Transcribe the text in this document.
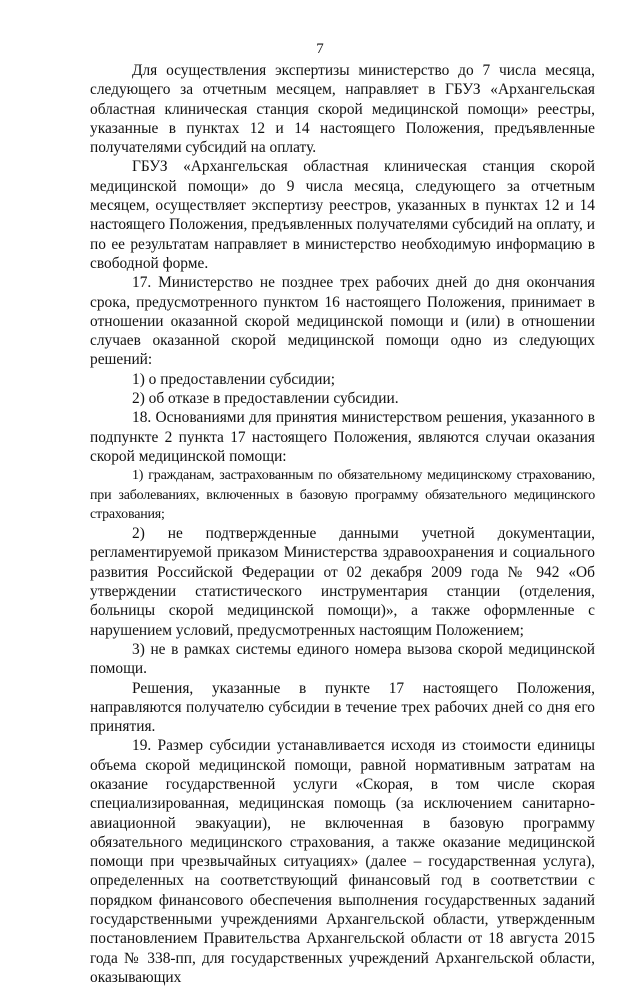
7

Для осуществления экспертизы министерство до 7 числа месяца, следующего за отчетным месяцем, направляет в ГБУЗ «Архангельская областная клиническая станция скорой медицинской помощи» реестры, указанные в пунктах 12 и 14 настоящего Положения, предъявленные получателями субсидий на оплату.

ГБУЗ «Архангельская областная клиническая станция скорой медицинской помощи» до 9 числа месяца, следующего за отчетным месяцем, осуществляет экспертизу реестров, указанных в пунктах 12 и 14 настоящего Положения, предъявленных получателями субсидий на оплату, и по ее результатам направляет в министерство необходимую информацию в свободной форме.

17. Министерство не позднее трех рабочих дней до дня окончания срока, предусмотренного пунктом 16 настоящего Положения, принимает в отношении оказанной скорой медицинской помощи и (или) в отношении случаев оказанной скорой медицинской помощи одно из следующих решений:

1) о предоставлении субсидии;

2) об отказе в предоставлении субсидии.

18. Основаниями для принятия министерством решения, указанного в подпункте 2 пункта 17 настоящего Положения, являются случаи оказания скорой медицинской помощи:

1) гражданам, застрахованным по обязательному медицинскому страхованию, при заболеваниях, включенных в базовую программу обязательного медицинского страхования;

2) не подтвержденные данными учетной документации, регламентируемой приказом Министерства здравоохранения и социального развития Российской Федерации от 02 декабря 2009 года № 942 «Об утверждении статистического инструментария станции (отделения, больницы скорой медицинской помощи)», а также оформленные с нарушением условий, предусмотренных настоящим Положением;

3) не в рамках системы единого номера вызова скорой медицинской помощи.

Решения, указанные в пункте 17 настоящего Положения, направляются получателю субсидии в течение трех рабочих дней со дня его принятия.

19. Размер субсидии устанавливается исходя из стоимости единицы объема скорой медицинской помощи, равной нормативным затратам на оказание государственной услуги «Скорая, в том числе скорая специализированная, медицинская помощь (за исключением санитарно-авиационной эвакуации), не включенная в базовую программу обязательного медицинского страхования, а также оказание медицинской помощи при чрезвычайных ситуациях» (далее – государственная услуга), определенных на соответствующий финансовый год в соответствии с порядком финансового обеспечения выполнения государственных заданий государственными учреждениями Архангельской области, утвержденным постановлением Правительства Архангельской области от 18 августа 2015 года № 338-пп, для государственных учреждений Архангельской области, оказывающих
